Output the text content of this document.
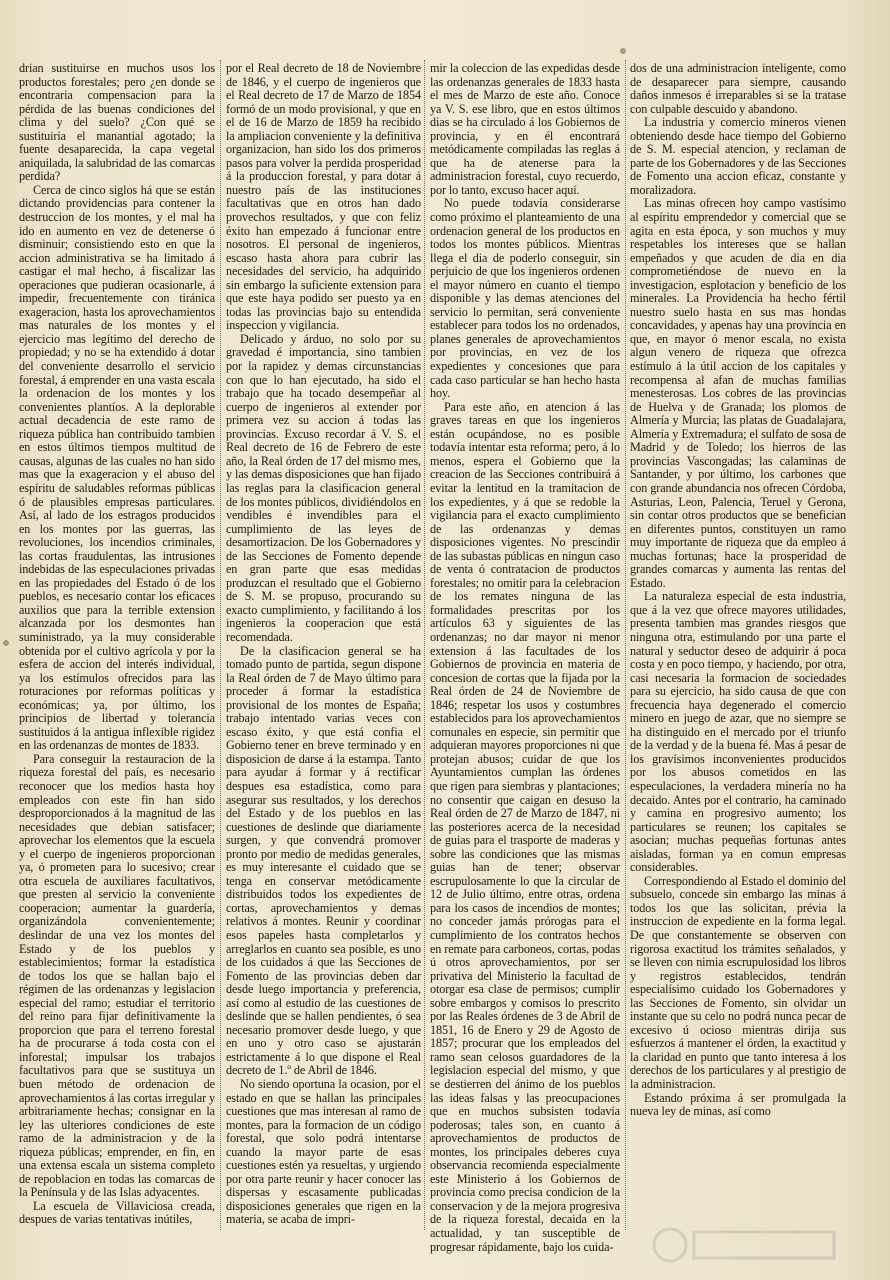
drian sustituirse en muchos usos los productos forestales; pero ¿en donde se encontraria compensacion para la pérdida de las buenas condiciones del clima y del suelo? ¿Con qué se sustituiria el manantial agotado; la fuente desaparecida, la capa vegetal aniquilada, la salubridad de las comarcas perdida?

Cerca de cinco siglos há que se están dictando providencias para contener la destruccion de los montes, y el mal ha ido en aumento en vez de detenerse ó disminuir; consistiendo esto en que la accion administrativa se ha limitado á castigar el mal hecho, á fiscalizar las operaciones que pudieran ocasionarle, á impedir, frecuentemente con tiránica exageracion, hasta los aprovechamientos mas naturales de los montes y el ejercicio mas legítimo del derecho de propiedad; y no se ha extendido á dotar del conveniente desarrollo el servicio forestal, á emprender en una vasta escala la ordenacion de los montes y los convenientes plantíos. A la deplorable actual decadencia de este ramo de riqueza pública han contribuido tambien en estos últimos tiempos multitud de causas, algunas de las cuales no han sido mas que la exageracion y el abuso del espíritu de saludables reformas públicas ó de plausibles empresas particulares. Así, al lado de los estragos producidos en los montes por las guerras, las revoluciones, los incendios criminales, las cortas fraudulentas, las intrusiones indebidas de las especulaciones privadas en las propiedades del Estado ó de los pueblos, es necesario contar los eficaces auxilios que para la terrible extension alcanzada por los desmontes han suministrado, ya la muy considerable obtenida por el cultivo agrícola y por la esfera de accion del interés individual, ya los estímulos ofrecidos para las roturaciones por reformas políticas y económicas; ya, por último, los principios de libertad y tolerancia sustituidos á la antigua inflexible rigidez en las ordenanzas de montes de 1833.

Para conseguir la restauracion de la riqueza forestal del país, es necesario reconocer que los medios hasta hoy empleados con este fin han sido desproporcionados á la magnitud de las necesidades que debian satisfacer; aprovechar los elementos que la escuela y el cuerpo de ingenieros proporcionan ya, ó prometen para lo sucesivo; crear otra escuela de auxiliares facultativos, que presten al servicio la conveniente cooperacion; aumentar la guardería, organizándola convenientemente; deslindar de una vez los montes del Estado y de los pueblos y establecimientos; formar la estadística de todos los que se hallan bajo el régimen de las ordenanzas y legislacion especial del ramo; estudiar el territorio del reino para fijar definitivamente la proporcion que para el terreno forestal ha de procurarse á toda costa con el inforestal; impulsar los trabajos facultativos para que se sustituya un buen método de ordenacion de aprovechamientos á las cortas irregular y arbitrariamente hechas; consignar en la ley las ulteriores condiciones de este ramo de la administracion y de la riqueza públicas; emprender, en fin, en una extensa escala un sistema completo de repoblacion en todas las comarcas de la Península y de las Islas adyacentes.

La escuela de Villaviciosa creada, despues de varias tentativas inútiles,

por el Real decreto de 18 de Noviembre de 1846, y el cuerpo de ingenieros que el Real decreto de 17 de Marzo de 1854 formó de un modo provisional, y que en el de 16 de Marzo de 1859 ha recibido la ampliacion conveniente y la definitiva organizacion, han sido los dos primeros pasos para volver la perdida prosperidad á la produccion forestal, y para dotar á nuestro país de las instituciones facultativas que en otros han dado provechos resultados, y que con feliz éxito han empezado á funcionar entre nosotros. El personal de ingenieros, escaso hasta ahora para cubrir las necesidades del servicio, ha adquirido sin embargo la suficiente extension para que este haya podido ser puesto ya en todas las provincias bajo su entendida inspeccion y vigilancia.

Delicado y árduo, no solo por su gravedad é importancia, sino tambien por la rapidez y demas circunstancias con que lo han ejecutado, ha sido el trabajo que ha tocado desempeñar al cuerpo de ingenieros al extender por primera vez su accion á todas las provincias. Excuso recordar á V. S. el Real decreto de 16 de Febrero de este año, la Real órden de 17 del mismo mes, y las demas disposiciones que han fijado las reglas para la clasificacion general de los montes públicos, dividiéndolos en vendibles é invendibles para el cumplimiento de las leyes de desamortizacion. De los Gobernadores y de las Secciones de Fomento depende en gran parte que esas medidas produzcan el resultado que el Gobierno de S. M. se propuso, procurando su exacto cumplimiento, y facilitando á los ingenieros la cooperacion que está recomendada.

De la clasificacion general se ha tomado punto de partida, segun dispone la Real órden de 7 de Mayo último para proceder á formar la estadística provisional de los montes de España; trabajo intentado varias veces con escaso éxito, y que está confia el Gobierno tener en breve terminado y en disposicion de darse á la estampa. Tanto para ayudar á formar y á rectificar despues esa estadística, como para asegurar sus resultados, y los derechos del Estado y de los pueblos en las cuestiones de deslinde que diariamente surgen, y que convendrá promover pronto por medio de medidas generales, es muy interesante el cuidado que se tenga en conservar metódicamente distribuidos todos los expedientes de cortas, aprovechamientos y demas relativos á montes. Reunir y coordinar esos papeles hasta completarlos y arreglarlos en cuanto sea posible, es uno de los cuidados á que las Secciones de Fomento de las provincias deben dar desde luego importancia y preferencia, así como al estudio de las cuestiones de deslinde que se hallen pendientes, ó sea necesario promover desde luego, y que en uno y otro caso se ajustarán estrictamente á lo que dispone el Real decreto de 1.º de Abril de 1846.

No siendo oportuna la ocasion, por el estado en que se hallan las principales cuestiones que mas interesan al ramo de montes, para la formacion de un código forestal, que solo podrá intentarse cuando la mayor parte de esas cuestiones estén ya resueltas, y urgiendo por otra parte reunir y hacer conocer las dispersas y escasamente publicadas disposiciones generales que rigen en la materia, se acaba de impri-

mir la coleccion de las expedidas desde las ordenanzas generales de 1833 hasta el mes de Marzo de este año. Conoce ya V. S. ese libro, que en estos últimos dias se ha circulado á los Gobiernos de provincia, y en él encontrará metódicamente compiladas las reglas á que ha de atenerse para la administracion forestal, cuyo recuerdo, por lo tanto, excuso hacer aquí.

No puede todavía considerarse como próximo el planteamiento de una ordenacion general de los productos en todos los montes públicos. Mientras llega el dia de poderlo conseguir, sin perjuicio de que los ingenieros ordenen el mayor número en cuanto el tiempo disponible y las demas atenciones del servicio lo permitan, será conveniente establecer para todos los no ordenados, planes generales de aprovechamientos por provincias, en vez de los expedientes y concesiones que para cada caso particular se han hecho hasta hoy.

Para este año, en atencion á las graves tareas en que los ingenieros están ocupándose, no es posible todavía intentar esta reforma; pero, á lo menos, espera el Gobierno que la creacion de las Secciones contribuirá á evitar la lentitud en la tramitacion de los expedientes, y á que se redoble la vigilancia para el exacto cumplimiento de las ordenanzas y demas disposiciones vigentes. No prescindir de las subastas públicas en ningun caso de venta ó contratacion de productos forestales; no omitir para la celebracion de los remates ninguna de las formalidades prescritas por los artículos 63 y siguientes de las ordenanzas; no dar mayor ni menor extension á las facultades de los Gobiernos de provincia en materia de concesion de cortas que la fijada por la Real órden de 24 de Noviembre de 1846; respetar los usos y costumbres establecidos para los aprovechamientos comunales en especie, sin permitir que adquieran mayores proporciones ni que protejan abusos; cuidar de que los Ayuntamientos cumplan las órdenes que rigen para siembras y plantaciones; no consentir que caigan en desuso la Real órden de 27 de Marzo de 1847, ni las posteriores acerca de la necesidad de guias para el trasporte de maderas y sobre las condiciones que las mismas guias han de tener; observar escrupulosamente lo que la circular de 12 de Julio último, entre otras, ordena para los casos de incendios de montes; no conceder jamás prórogas para el cumplimiento de los contratos hechos en remate para carboneos, cortas, podas ú otros aprovechamientos, por ser privativa del Ministerio la facultad de otorgar esa clase de permisos; cumplir sobre embargos y comisos lo prescrito por las Reales órdenes de 3 de Abril de 1851, 16 de Enero y 29 de Agosto de 1857; procurar que los empleados del ramo sean celosos guardadores de la legislacion especial del mismo, y que se destierren del ánimo de los pueblos las ideas falsas y las preocupaciones que en muchos subsisten todavía poderosas; tales son, en cuanto á aprovechamientos de productos de montes, los principales deberes cuya observancia recomienda especialmente este Ministerio á los Gobiernos de provincia como precisa condicion de la conservacion y de la mejora progresiva de la riqueza forestal, decaida en la actualidad, y tan susceptible de progresar rápidamente, bajo los cuida-

dos de una administracion inteligente, como de desaparecer para siempre, causando daños inmesos é irreparables si se la tratase con culpable descuido y abandono.

La industria y comercio mineros vienen obteniendo desde hace tiempo del Gobierno de S. M. especial atencion, y reclaman de parte de los Gobernadores y de las Secciones de Fomento una accion eficaz, constante y moralizadora.

Las minas ofrecen hoy campo vastísimo al espíritu emprendedor y comercial que se agita en esta época, y son muchos y muy respetables los intereses que se hallan empeñados y que acuden de dia en dia comprometiéndose de nuevo en la investigacion, esplotacion y beneficio de los minerales. La Providencia ha hecho fértil nuestro suelo hasta en sus mas hondas concavidades, y apenas hay una provincia en que, en mayor ó menor escala, no exista algun venero de riqueza que ofrezca estímulo á la útil accion de los capitales y recompensa al afan de muchas familias menesterosas. Los cobres de las provincias de Huelva y de Granada; los plomos de Almería y Murcia; las platas de Guadalajara, Almería y Extremadura; el sulfato de sosa de Madrid y de Toledo; los hierros de las provincias Vascongadas; las calaminas de Santander, y por último, los carbones que con grande abundancia nos ofrecen Córdoba, Asturias, Leon, Palencia, Teruel y Gerona, sin contar otros productos que se benefician en diferentes puntos, constituyen un ramo muy importante de riqueza que da empleo á muchas fortunas; hace la prosperidad de grandes comarcas y aumenta las rentas del Estado.

La naturaleza especial de esta industria, que á la vez que ofrece mayores utilidades, presenta tambien mas grandes riesgos que ninguna otra, estimulando por una parte el natural y seductor deseo de adquirir á poca costa y en poco tiempo, y haciendo, por otra, casi necesaria la formacion de sociedades para su ejercicio, ha sido causa de que con frecuencia haya degenerado el comercio minero en juego de azar, que no siempre se ha distinguido en el mercado por el triunfo de la verdad y de la buena fé. Mas á pesar de los gravísimos inconvenientes producidos por los abusos cometidos en las especulaciones, la verdadera minería no ha decaido. Antes por el contrario, ha caminado y camina en progresivo aumento; los particulares se reunen; los capitales se asocian; muchas pequeñas fortunas antes aisladas, forman ya en comun empresas considerables.

Correspondiendo al Estado el dominio del subsuelo, concede sin embargo las minas á todos los que las solicitan, prévia la instruccion de expediente en la forma legal. De que constantemente se observen con rigorosa exactitud los trámites señalados, y se lleven con nimia escrupulosidad los libros y registros establecidos, tendrán especialísimo cuidado los Gobernadores y las Secciones de Fomento, sin olvidar un instante que su celo no podrá nunca pecar de excesivo ú ocioso mientras dirija sus esfuerzos á mantener el órden, la exactitud y la claridad en punto que tanto interesa á los derechos de los particulares y al prestigio de la administracion.

Estando próxima á ser promulgada la nueva ley de minas, así como
